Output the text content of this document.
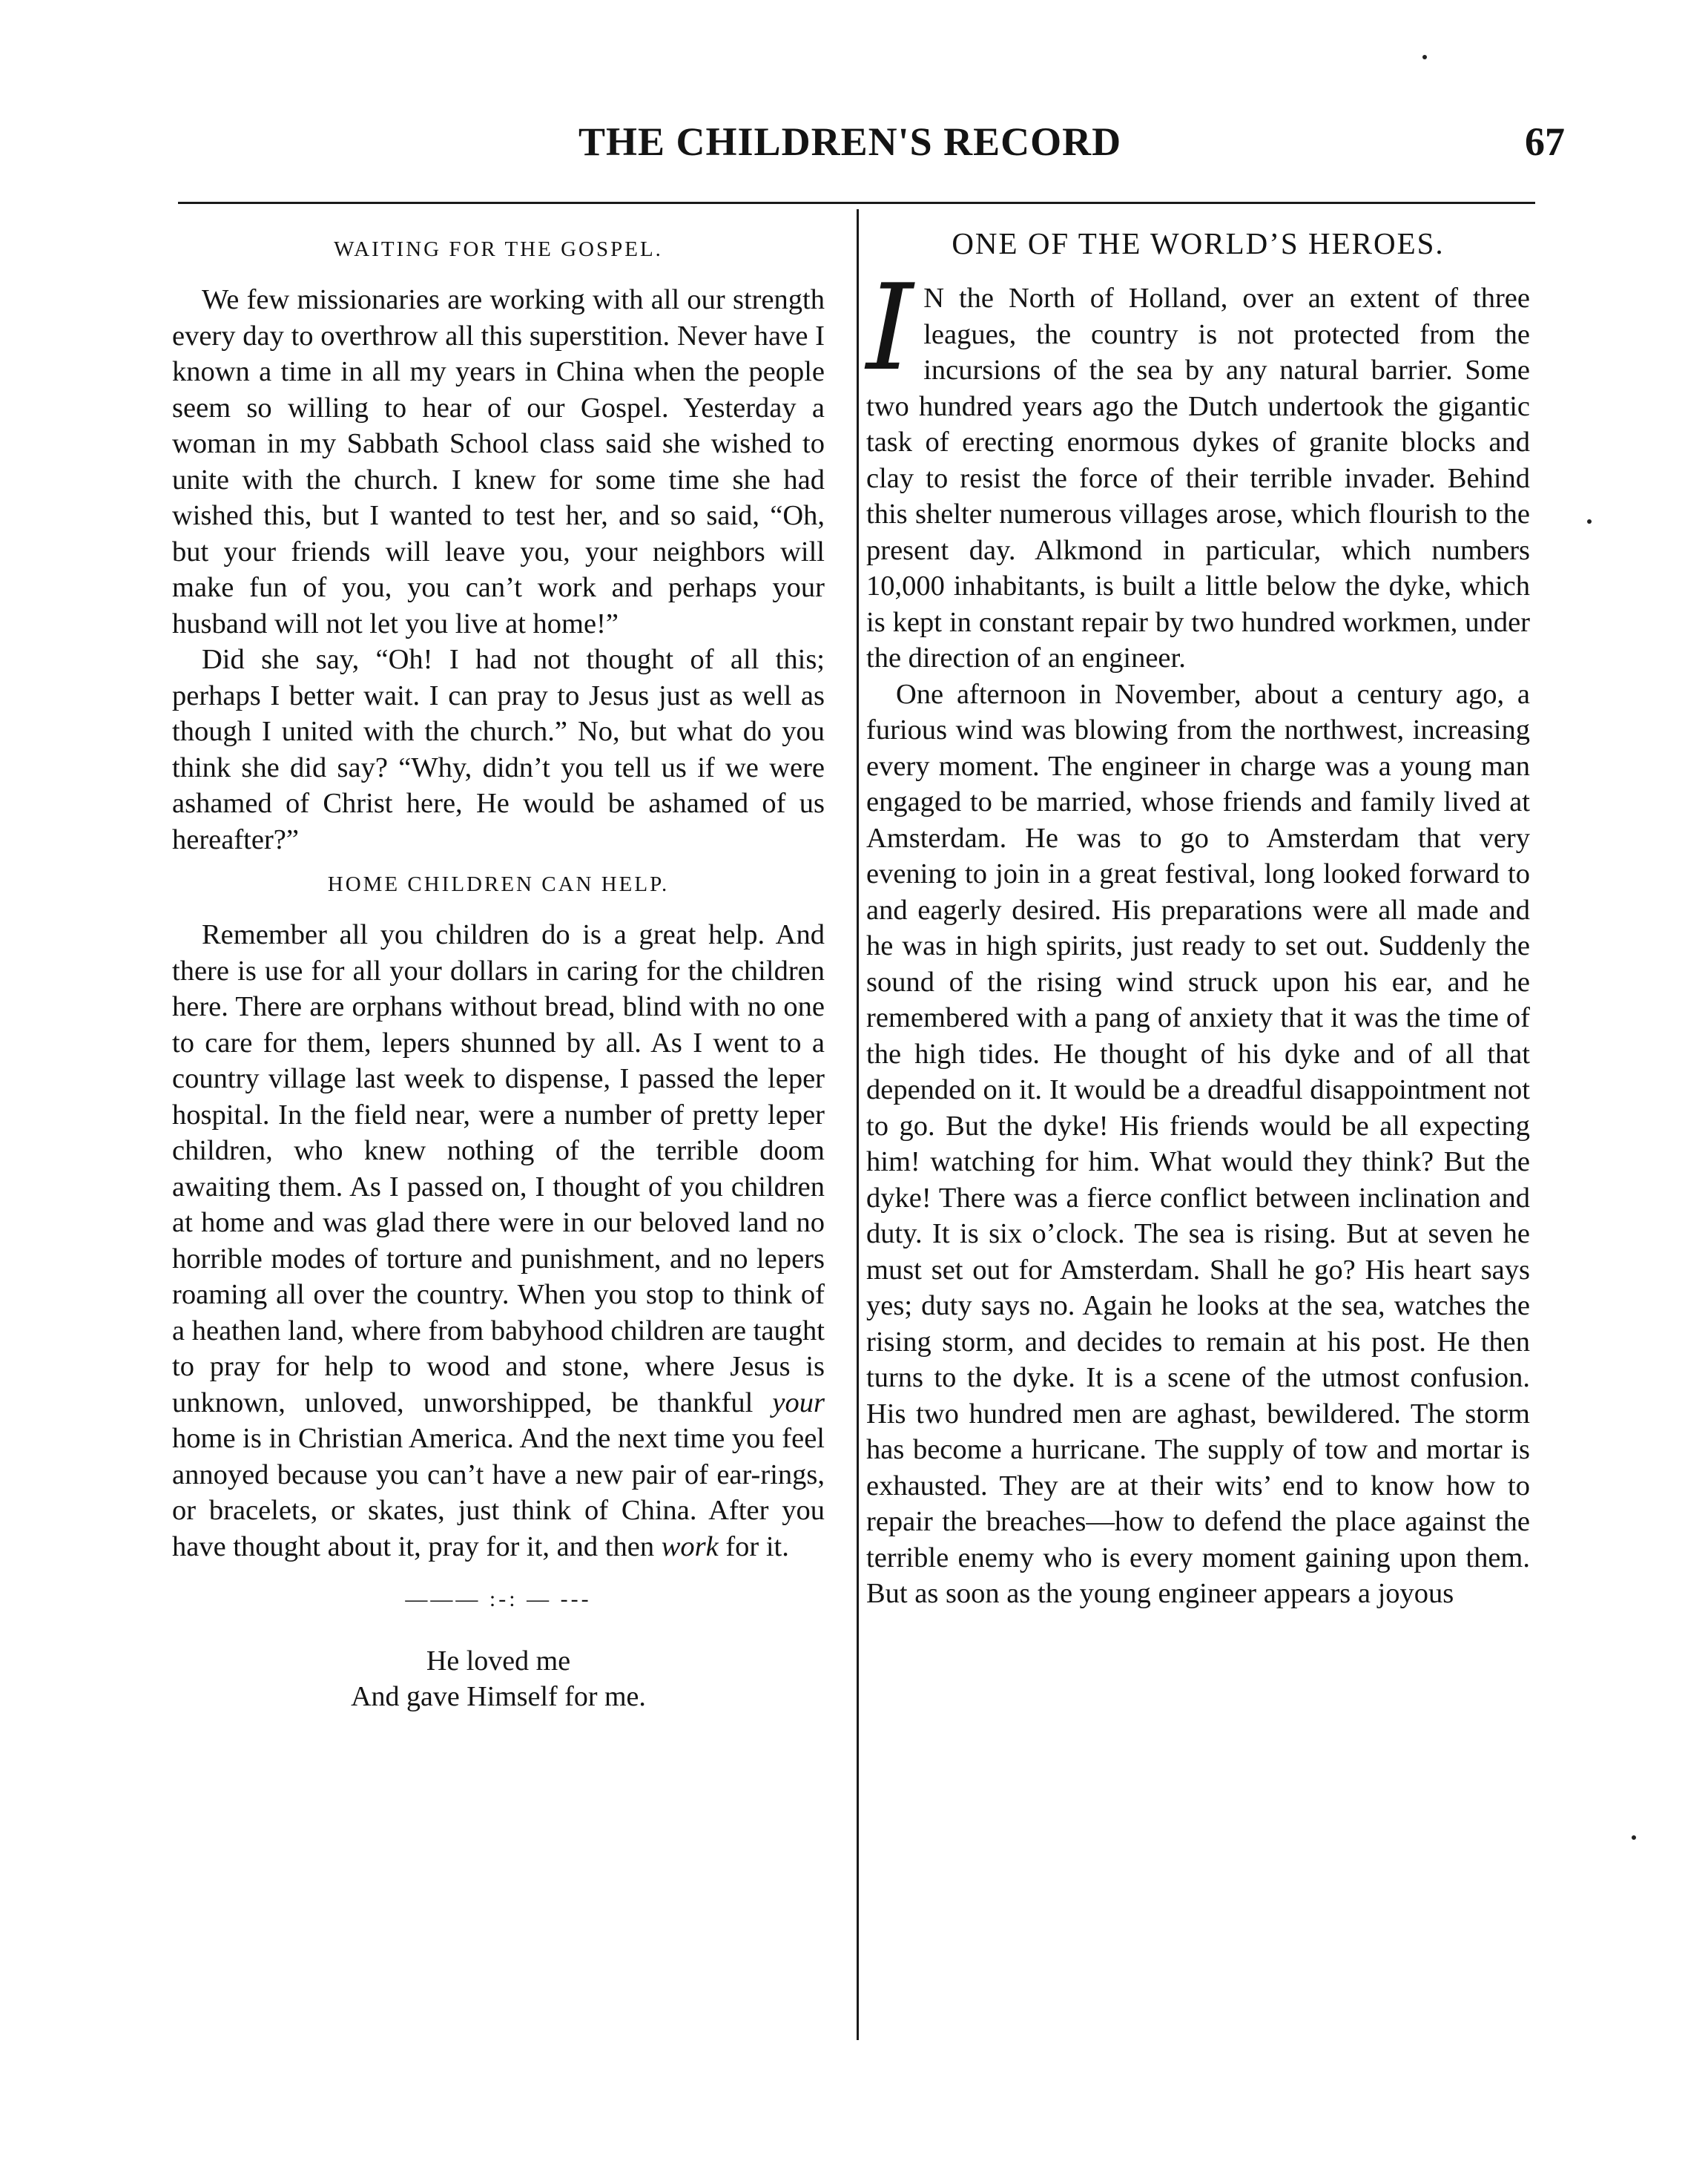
THE CHILDREN'S RECORD	67
WAITING FOR THE GOSPEL.

We few missionaries are working with all our strength every day to overthrow all this superstition. Never have I known a time in all my years in China when the people seem so willing to hear of our Gospel. Yesterday a woman in my Sabbath School class said she wished to unite with the church. I knew for some time she had wished this, but I wanted to test her, and so said, “Oh, but your friends will leave you, your neighbors will make fun of you, you can’t work and perhaps your husband will not let you live at home!”

Did she say, “Oh! I had not thought of all this; perhaps I better wait. I can pray to Jesus just as well as though I united with the church.” No, but what do you think she did say? “Why, didn’t you tell us if we were ashamed of Christ here, He would be ashamed of us hereafter?”

HOME CHILDREN CAN HELP.

Remember all you children do is a great help. And there is use for all your dollars in caring for the children here. There are orphans without bread, blind with no one to care for them, lepers shunned by all. As I went to a country village last week to dispense, I passed the leper hospital. In the field near, were a number of pretty leper children, who knew nothing of the terrible doom awaiting them. As I passed on, I thought of you children at home and was glad there were in our beloved land no horrible modes of torture and punishment, and no lepers roaming all over the country. When you stop to think of a heathen land, where from babyhood children are taught to pray for help to wood and stone, where Jesus is unknown, unloved, unworshipped, be thankful your home is in Christian America. And the next time you feel annoyed because you can’t have a new pair of ear-rings, or bracelets, or skates, just think of China. After you have thought about it, pray for it, and then work for it.

——— :-: — ---
He loved me
And gave Himself for me.
ONE OF THE WORLD’S HEROES.

I N the North of Holland, over an extent of three leagues, the country is not protected from the incursions of the sea by any natural barrier. Some two hundred years ago the Dutch undertook the gigantic task of erecting enormous dykes of granite blocks and clay to resist the force of their terrible invader. Behind this shelter numerous villages arose, which flourish to the present day. Alkmond in particular, which numbers 10,000 inhabitants, is built a little below the dyke, which is kept in constant repair by two hundred workmen, under the direction of an engineer.

One afternoon in November, about a century ago, a furious wind was blowing from the northwest, increasing every moment. The engineer in charge was a young man engaged to be married, whose friends and family lived at Amsterdam. He was to go to Amsterdam that very evening to join in a great festival, long looked forward to and eagerly desired. His preparations were all made and he was in high spirits, just ready to set out. Suddenly the sound of the rising wind struck upon his ear, and he remembered with a pang of anxiety that it was the time of the high tides. He thought of his dyke and of all that depended on it. It would be a dreadful disappointment not to go. But the dyke! His friends would be all expecting him! watching for him. What would they think? But the dyke! There was a fierce conflict between inclination and duty. It is six o’clock. The sea is rising. But at seven he must set out for Amsterdam. Shall he go? His heart says yes; duty says no. Again he looks at the sea, watches the rising storm, and decides to remain at his post. He then turns to the dyke. It is a scene of the utmost confusion. His two hundred men are aghast, bewildered. The storm has become a hurricane. The supply of tow and mortar is exhausted. They are at their wits’ end to know how to repair the breaches—how to defend the place against the terrible enemy who is every moment gaining upon them. But as soon as the young engineer appears a joyous
